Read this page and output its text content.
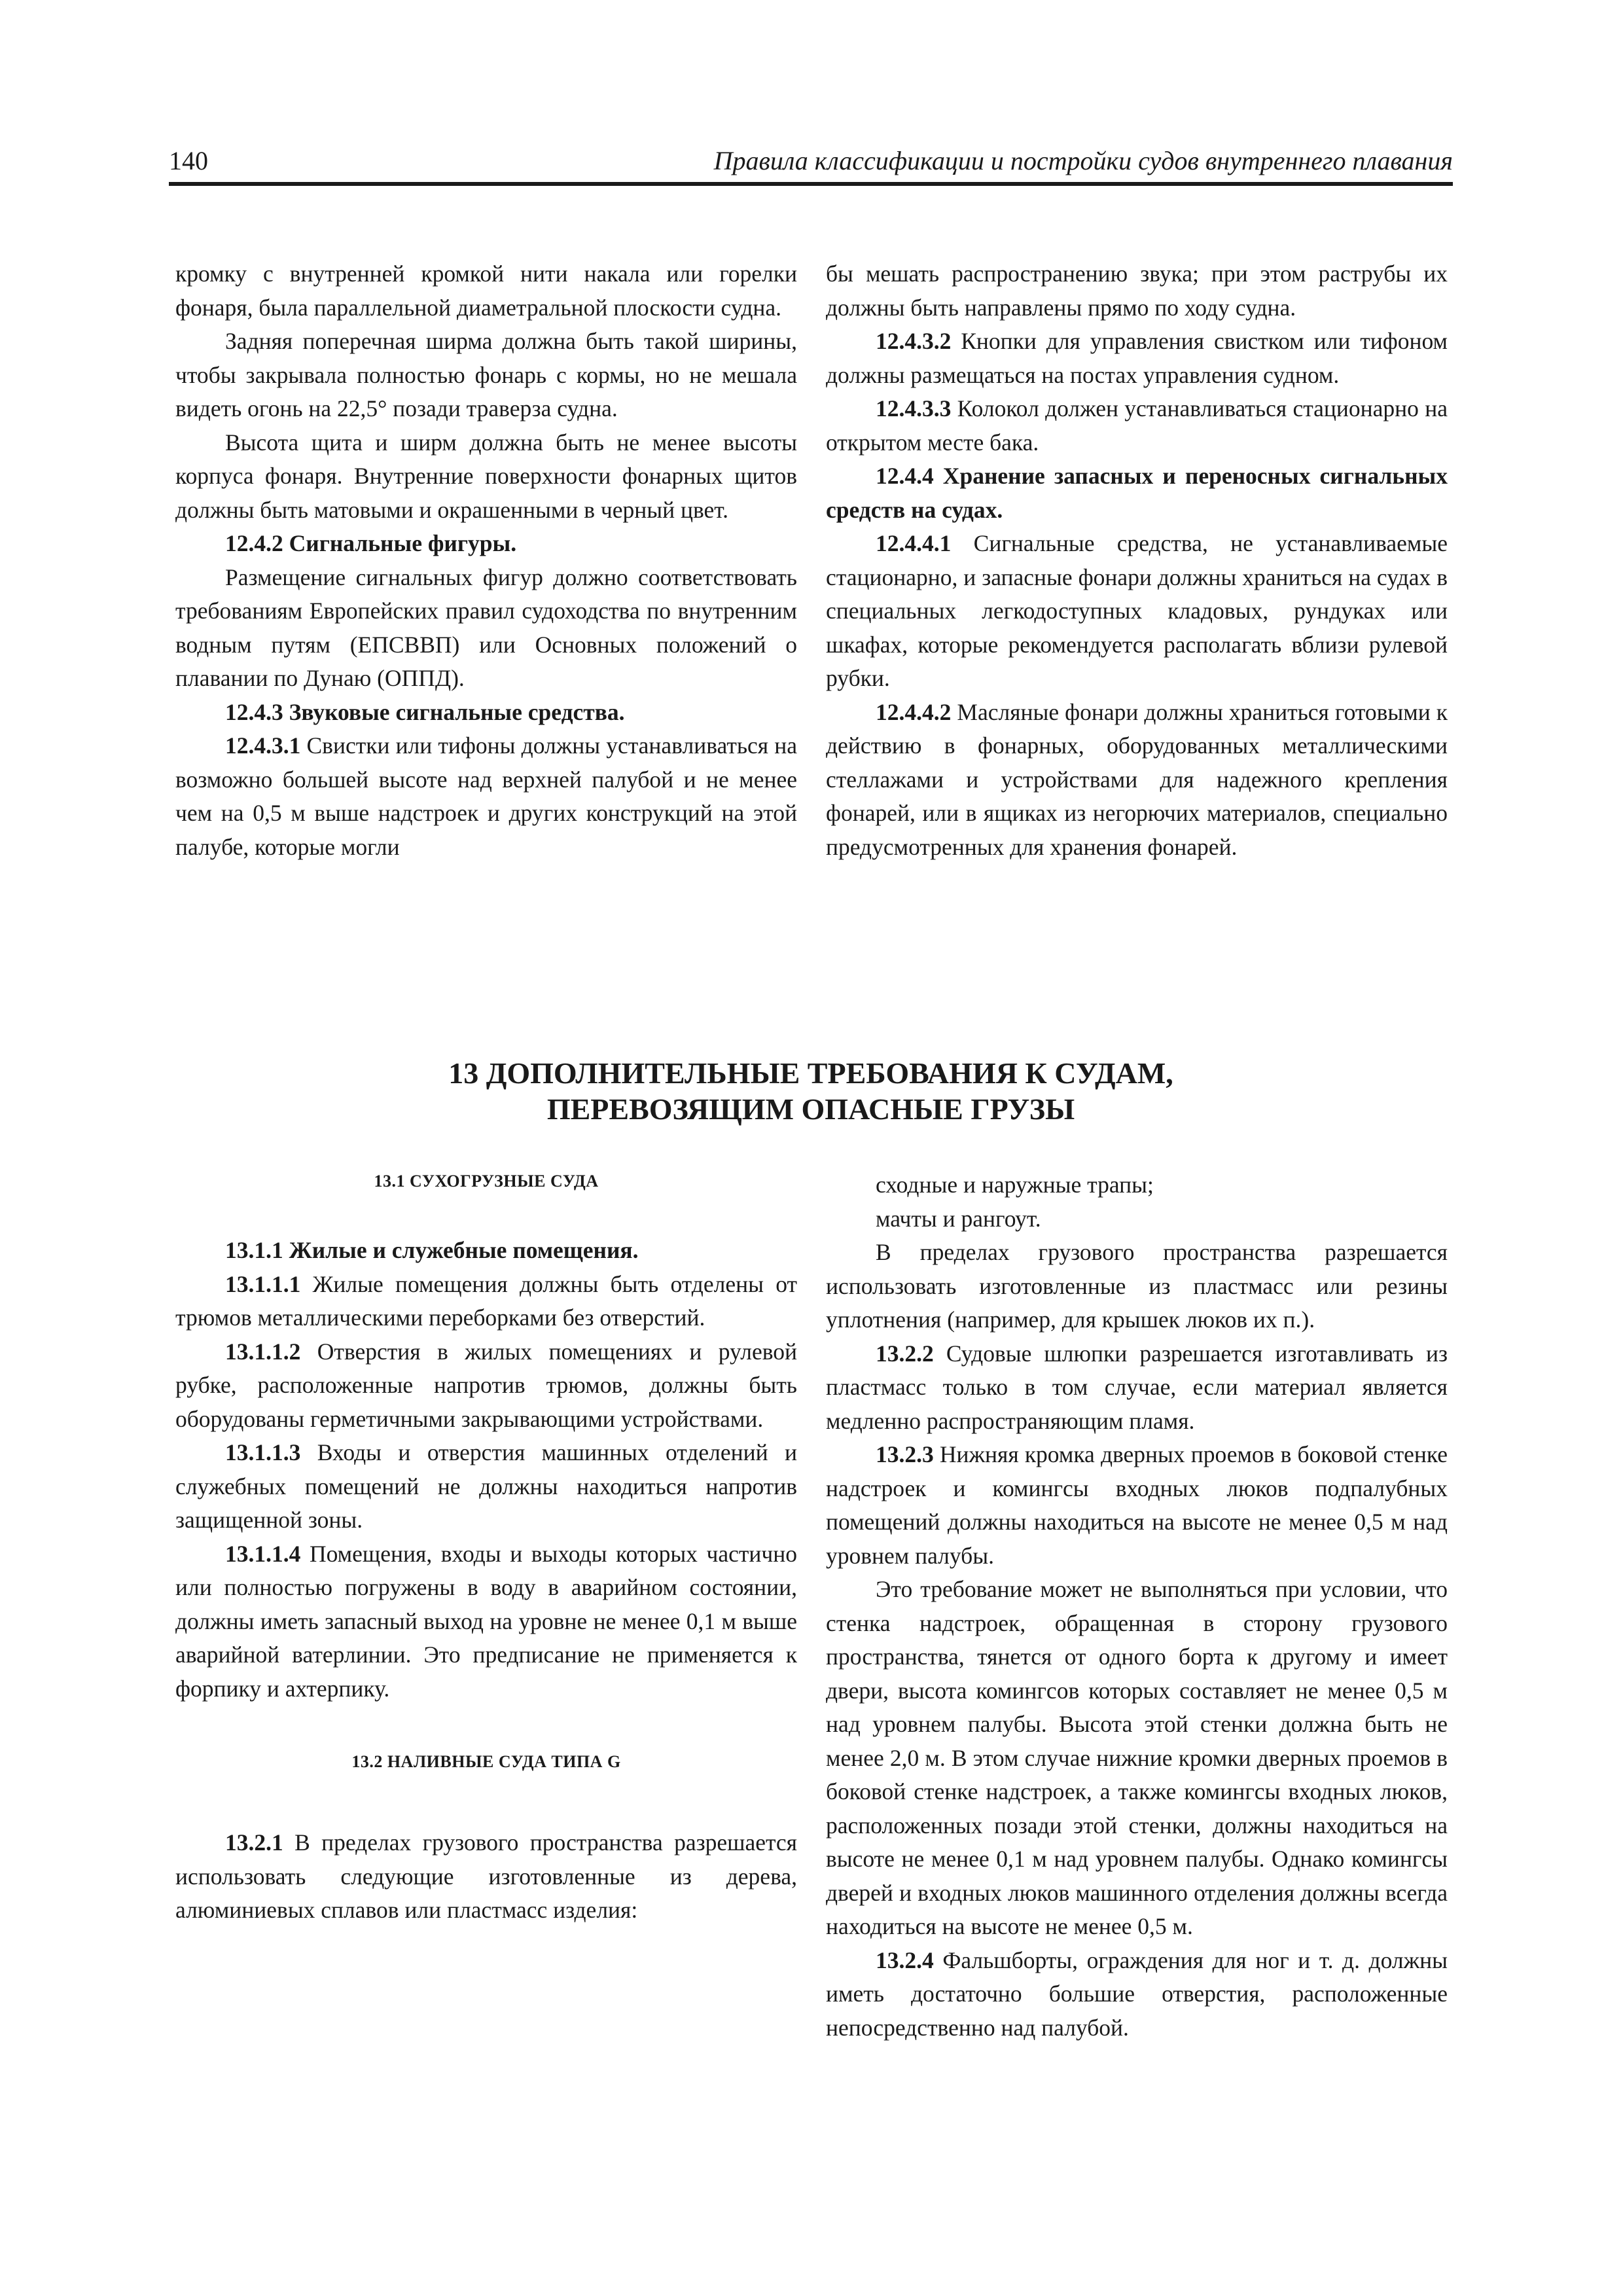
140	Правила классификации и постройки судов внутреннего плавания

кромку с внутренней кромкой нити накала или горелки фонаря, была параллельной диаметральной плоскости судна.

Задняя поперечная ширма должна быть такой ширины, чтобы закрывала полностью фонарь с кормы, но не мешала видеть огонь на 22,5° позади траверза судна.

Высота щита и ширм должна быть не менее высоты корпуса фонаря. Внутренние поверхности фонарных щитов должны быть матовыми и окрашенными в черный цвет.

12.4.2 Сигнальные фигуры.

Размещение сигнальных фигур должно соответствовать требованиям Европейских правил судоходства по внутренним водным путям (ЕПСВВП) или Основных положений о плавании по Дунаю (ОППД).

12.4.3 Звуковые сигнальные средства.

12.4.3.1 Свистки или тифоны должны устанавливаться на возможно большей высоте над верхней палубой и не менее чем на 0,5 м выше надстроек и других конструкций на этой палубе, которые могли

бы мешать распространению звука; при этом раструбы их должны быть направлены прямо по ходу судна.

12.4.3.2 Кнопки для управления свистком или тифоном должны размещаться на постах управления судном.

12.4.3.3 Колокол должен устанавливаться стационарно на открытом месте бака.

12.4.4 Хранение запасных и переносных сигнальных средств на судах.

12.4.4.1 Сигнальные средства, не устанавливаемые стационарно, и запасные фонари должны храниться на судах в специальных легкодоступных кладовых, рундуках или шкафах, которые рекомендуется располагать вблизи рулевой рубки.

12.4.4.2 Масляные фонари должны храниться готовыми к действию в фонарных, оборудованных металлическими стеллажами и устройствами для надежного крепления фонарей, или в ящиках из негорючих материалов, специально предусмотренных для хранения фонарей.

13 ДОПОЛНИТЕЛЬНЫЕ ТРЕБОВАНИЯ К СУДАМ,
ПЕРЕВОЗЯЩИМ ОПАСНЫЕ ГРУЗЫ
13.1 СУХОГРУЗНЫЕ СУДА

13.1.1 Жилые и служебные помещения.

13.1.1.1 Жилые помещения должны быть отделены от трюмов металлическими переборками без отверстий.

13.1.1.2 Отверстия в жилых помещениях и рулевой рубке, расположенные напротив трюмов, должны быть оборудованы герметичными закрывающими устройствами.

13.1.1.3 Входы и отверстия машинных отделений и служебных помещений не должны находиться напротив защищенной зоны.

13.1.1.4 Помещения, входы и выходы которых частично или полностью погружены в воду в аварийном состоянии, должны иметь запасный выход на уровне не менее 0,1 м выше аварийной ватерлинии. Это предписание не применяется к форпику и ахтерпику.

13.2 НАЛИВНЫЕ СУДА ТИПА G

13.2.1 В пределах грузового пространства разрешается использовать следующие изготовленные из дерева, алюминиевых сплавов или пластмасс изделия:

сходные и наружные трапы;

мачты и рангоут.

В пределах грузового пространства разрешается использовать изготовленные из пластмасс или резины уплотнения (например, для крышек люков их п.).

13.2.2 Судовые шлюпки разрешается изготавливать из пластмасс только в том случае, если материал является медленно распространяющим пламя.

13.2.3 Нижняя кромка дверных проемов в боковой стенке надстроек и комингсы входных люков подпалубных помещений должны находиться на высоте не менее 0,5 м над уровнем палубы.

Это требование может не выполняться при условии, что стенка надстроек, обращенная в сторону грузового пространства, тянется от одного борта к другому и имеет двери, высота комингсов которых составляет не менее 0,5 м над уровнем палубы. Высота этой стенки должна быть не менее 2,0 м. В этом случае нижние кромки дверных проемов в боковой стенке надстроек, а также комингсы входных люков, расположенных позади этой стенки, должны находиться на высоте не менее 0,1 м над уровнем палубы. Однако комингсы дверей и входных люков машинного отделения должны всегда находиться на высоте не менее 0,5 м.

13.2.4 Фальшборты, ограждения для ног и т. д. должны иметь достаточно большие отверстия, расположенные непосредственно над палубой.
